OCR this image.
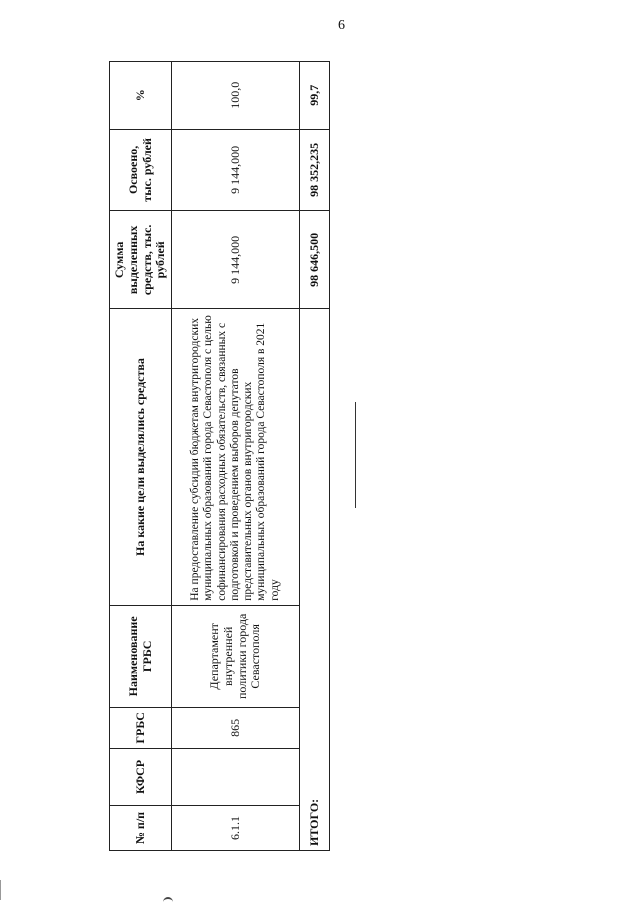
6
№ п/п	КФСР	ГРБС	Наименование ГРБС	На какие цели выделялись средства	Сумма выделенных средств, тыс. рублей	Освоено, тыс. рублей	%
6.1.1		865	Департамент внутренней политики города Севастополя	На предоставление субсидии бюджетам внутригородских муниципальных образований города Севастополя с целью софинансирования расходных обязательств, связанных с подготовкой и проведением выборов депутатов представительных органов внутригородских муниципальных образований города Севастополя в 2021 году	9 144,000	9 144,000	100,0
ИТОГО:					98 646,500	98 352,235	99,7
